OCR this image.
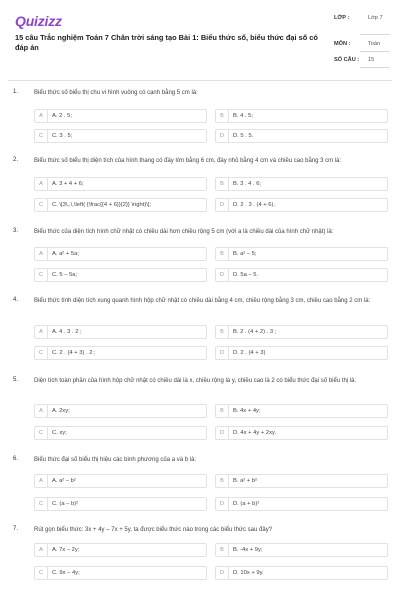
Quizizz
15 câu Trắc nghiệm Toán 7 Chân trời sáng tạo Bài 1: Biểu thức số, biểu thức đại số có đáp án
LỚP :	Lớp 7
MÔN :	Toán
SỐ CÂU :	15
1.	Biểu thức số biểu thị chu vi hình vuông có cạnh bằng 5 cm là:
A	A. 2 . 5;	B	B. 4 . 5;
C	C. 3 . 5;	D	D. 5 . 5.
2.	Biểu thức số biểu thị diện tích của hình thang có đáy lớn bằng 6 cm, đáy nhỏ bằng 4 cm và chiều cao bằng 3 cm là:
A	A. 3 + 4 + 6;	B	B. 3 . 4 . 6;
C	C. \[3\,.\,\left( {\frac{{4 + 6}}{2}} \right)\];	D	D. 2 . 3 . (4 + 6).
3.	Biểu thức của diện tích hình chữ nhật có chiều dài hơn chiều rộng 5 cm (với a là chiều dài của hình chữ nhật) là:
A	A. a² + 5a;	B	B. a² – 5;
C	C. 5 – 5a;	D	D. 5a – 5.
4.	Biểu thức tính diện tích xung quanh hình hộp chữ nhật có chiều dài bằng 4 cm, chiều rộng bằng 3 cm, chiều cao bằng 2 cm là:
A	A. 4 . 3 . 2 ;	B	B. 2 . (4 + 2) . 3 ;
C	C. 2 . (4 + 3) . 2 ;	D	D. 2 . (4 + 3)
5.	Diện tích toàn phần của hình hộp chữ nhật có chiều dài là x, chiều rộng là y, chiều cao là 2 có biểu thức đại số biểu thị là:
A	A. 2xy;	B	B. 4x + 4y;
C	C. xy;	D	D. 4x + 4y + 2xy.
6.	Biểu thức đại số biểu thị hiệu các bình phương của a và b là:
A	A. a² – b²	B	B. a² + b²
C	C. (a – b)²	D	D. (a + b)²
7.	Rút gọn biểu thức: 3x + 4y – 7x + 5y, ta được biểu thức nào trong các biểu thức sau đây?
A	A. 7x – 2y;	B	B. -4x + 9y;
C	C. 9x – 4y;	D	D. 10x + 9y.
